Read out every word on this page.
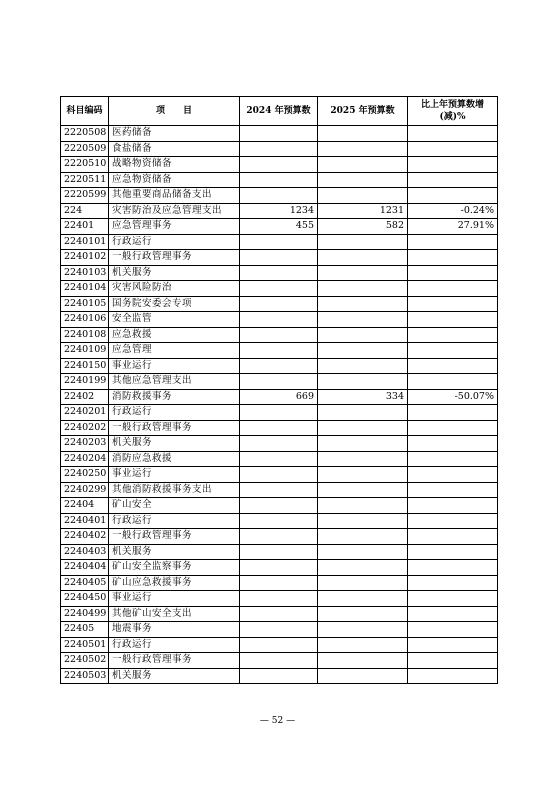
科目编码	项　　目	2024 年预算数	2025 年预算数	比上年预算数增(减)%
2220508	医药储备			
2220509	食盐储备			
2220510	战略物资储备			
2220511	应急物资储备			
2220599	其他重要商品储备支出			
224	灾害防治及应急管理支出	1234	1231	-0.24%
22401	应急管理事务	455	582	27.91%
2240101	行政运行			
2240102	一般行政管理事务			
2240103	机关服务			
2240104	灾害风险防治			
2240105	国务院安委会专项			
2240106	安全监管			
2240108	应急救援			
2240109	应急管理			
2240150	事业运行			
2240199	其他应急管理支出			
22402	消防救援事务	669	334	-50.07%
2240201	行政运行			
2240202	一般行政管理事务			
2240203	机关服务			
2240204	消防应急救援			
2240250	事业运行			
2240299	其他消防救援事务支出			
22404	矿山安全			
2240401	行政运行			
2240402	一般行政管理事务			
2240403	机关服务			
2240404	矿山安全监察事务			
2240405	矿山应急救援事务			
2240450	事业运行			
2240499	其他矿山安全支出			
22405	地震事务			
2240501	行政运行			
2240502	一般行政管理事务			
2240503	机关服务			
— 52 —
